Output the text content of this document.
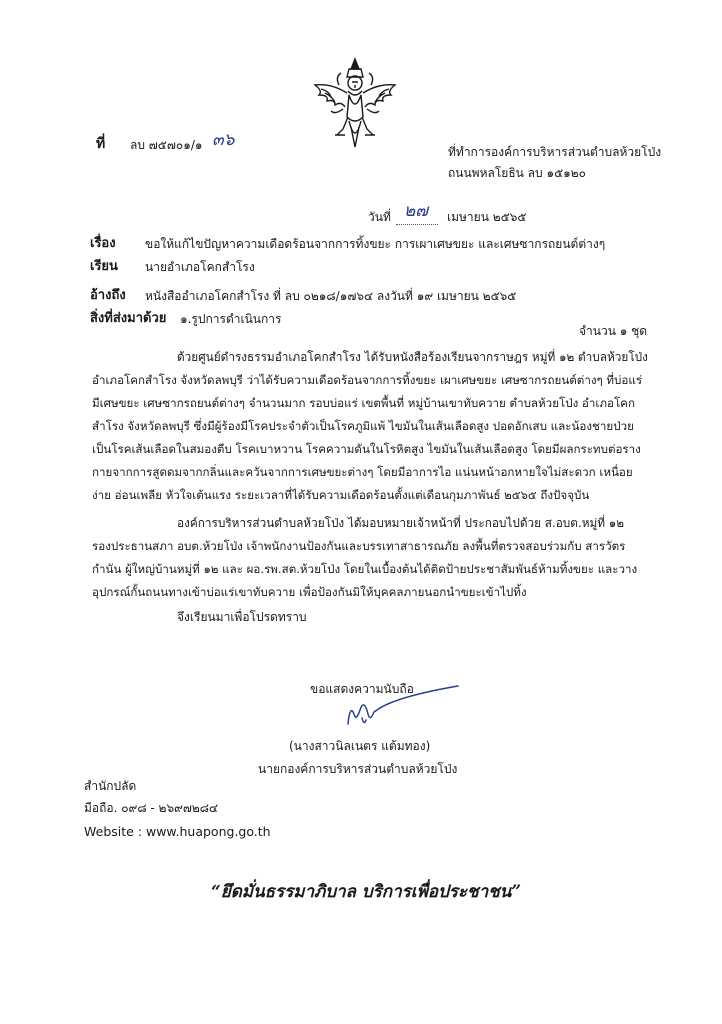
ที่ ลบ ๗๕๗๐๑/๑ ๓๖
ที่ทำการองค์การบริหารส่วนตำบลห้วยโป่ง
ถนนพหลโยธิน ลบ ๑๕๑๒๐
วันที่ ๒๗ เมษายน ๒๕๖๕
เรื่อง ขอให้แก้ไขปัญหาความเดือดร้อนจากการทิ้งขยะ การเผาเศษขยะ และเศษซากรถยนต์ต่างๆ
เรียน นายอำเภอโคกสำโรง
อ้างถึง หนังสืออำเภอโคกสำโรง ที่ ลบ ๐๒๑๘/๑๗๖๔ ลงวันที่ ๑๙ เมษายน ๒๕๖๕
สิ่งที่ส่งมาด้วย ๑.รูปการดำเนินการ
จำนวน ๑ ชุด
ด้วยศูนย์ดำรงธรรมอำเภอโคกสำโรง ได้รับหนังสือร้องเรียนจากราษฎร หมู่ที่ ๑๒ ตำบลห้วยโป่ง
อำเภอโคกสำโรง จังหวัดลพบุรี ว่าได้รับความเดือดร้อนจากการทิ้งขยะ เผาเศษขยะ เศษซากรถยนต์ต่างๆ ที่บ่อแร่
มีเศษขยะ เศษซากรถยนต์ต่างๆ จำนวนมาก รอบบ่อแร่ เขตพื้นที่ หมู่บ้านเขาทับควาย ตำบลห้วยโป่ง อำเภอโคก
สำโรง จังหวัดลพบุรี ซึ่งมีผู้ร้องมีโรคประจำตัวเป็นโรคภูมิแพ้ ไขมันในเส้นเลือดสูง ปอดอักเสบ และน้องชายป่วย
เป็นโรคเส้นเลือดในสมองตีบ โรคเบาหวาน โรคความดันในโรหิตสูง ไขมันในเส้นเลือดสูง โดยมีผลกระทบต่อราง
กายจากการสูดดมจากกลิ่นและควันจากการเศษขยะต่างๆ โดยมีอาการไอ แน่นหน้าอกหายใจไม่สะดวก เหนื่อย
ง่าย อ่อนเพลีย หัวใจเต้นแรง ระยะเวลาที่ได้รับความเดือดร้อนตั้งแต่เดือนกุมภาพันธ์ ๒๕๖๕ ถึงปัจจุบัน
องค์การบริหารส่วนตำบลห้วยโป่ง ได้มอบหมายเจ้าหน้าที่ ประกอบไปด้วย ส.อบต.หมู่ที่ ๑๒
รองประธานสภา อบต.ห้วยโป่ง เจ้าพนักงานป้องกันและบรรเทาสาธารณภัย ลงพื้นที่ตรวจสอบร่วมกับ สารวัตร
กำนัน ผู้ใหญ่บ้านหมู่ที่ ๑๒ และ ผอ.รพ.สต.ห้วยโป่ง โดยในเบื้องต้นได้ติดป้ายประชาสัมพันธ์ห้ามทิ้งขยะ และวาง
อุปกรณ์กั้นถนนทางเข้าบ่อแร่เขาทับควาย เพื่อป้องกันมิให้บุคคลภายนอกนำขยะเข้าไปทิ้ง
จึงเรียนมาเพื่อโปรดทราบ
ขอแสดงความนับถือ
(นางสาวนิลเนตร แต้มทอง)
นายกองค์การบริหารส่วนตำบลห้วยโป่ง
สำนักปลัด
มือถือ. ๐๙๘ - ๒๖๙๗๒๘๔
Website : www.huapong.go.th
“ยึดมั่นธรรมาภิบาล บริการเพื่อประชาชน”
